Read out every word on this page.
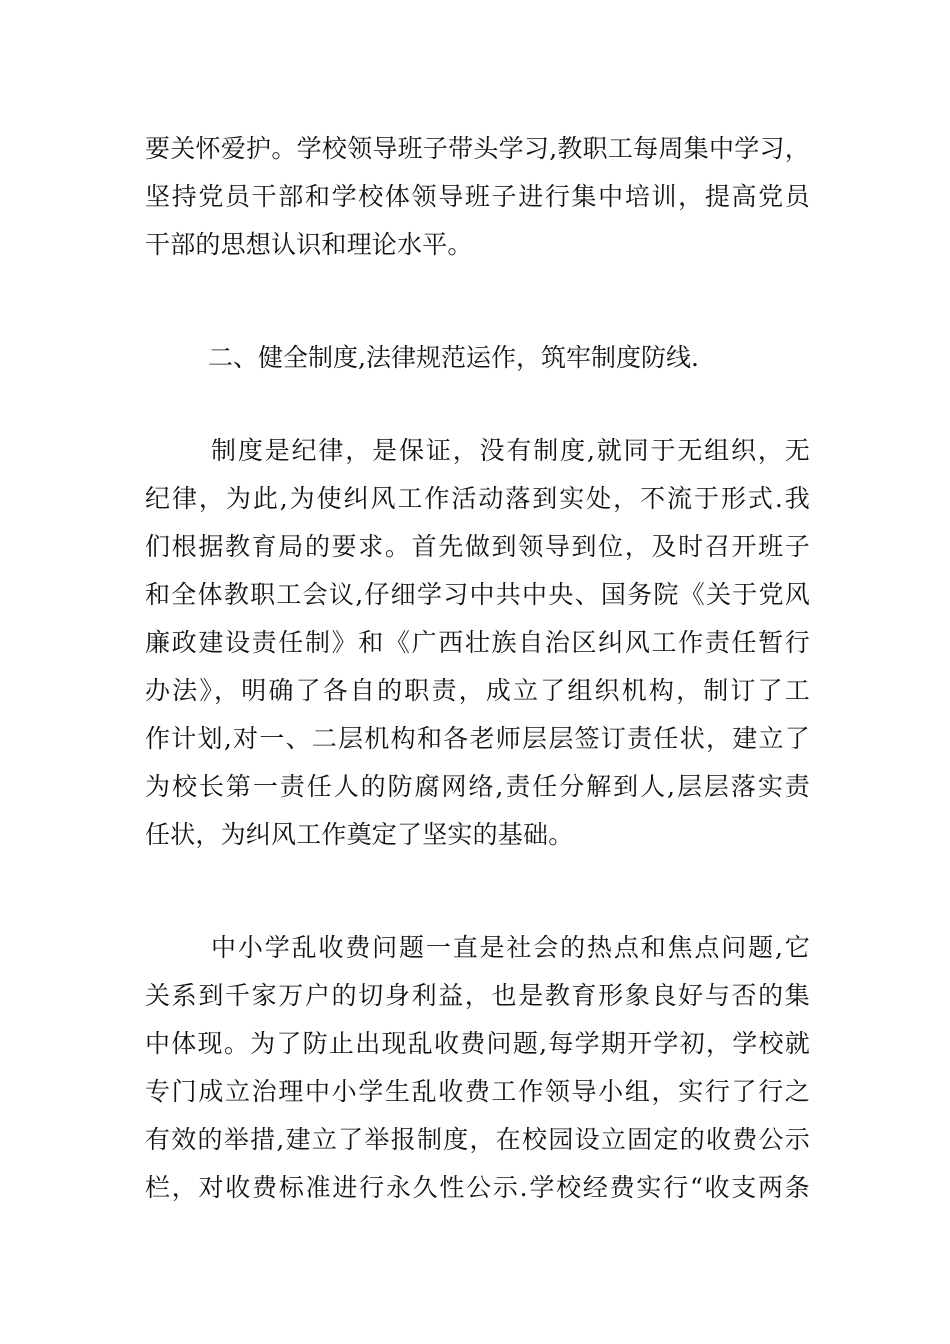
要关怀爱护。学校领导班子带头学习,教职工每周集中学习，
坚持党员干部和学校体领导班子进行集中培训，提高党员
干部的思想认识和理论水平。
二、健全制度,法律规范运作，筑牢制度防线.
制度是纪律，是保证，没有制度,就同于无组织，无
纪律，为此,为使纠风工作活动落到实处，不流于形式.我
们根据教育局的要求。首先做到领导到位，及时召开班子
和全体教职工会议,仔细学习中共中央、国务院《关于党风
廉政建设责任制》和《广西壮族自治区纠风工作责任暂行
办法》，明确了各自的职责，成立了组织机构，制订了工
作计划,对一、二层机构和各老师层层签订责任状，建立了
为校长第一责任人的防腐网络,责任分解到人,层层落实责
任状，为纠风工作奠定了坚实的基础。
中小学乱收费问题一直是社会的热点和焦点问题,它
关系到千家万户的切身利益，也是教育形象良好与否的集
中体现。为了防止出现乱收费问题,每学期开学初，学校就
专门成立治理中小学生乱收费工作领导小组，实行了行之
有效的举措,建立了举报制度，在校园设立固定的收费公示
栏，对收费标准进行永久性公示.学校经费实行“收支两条
